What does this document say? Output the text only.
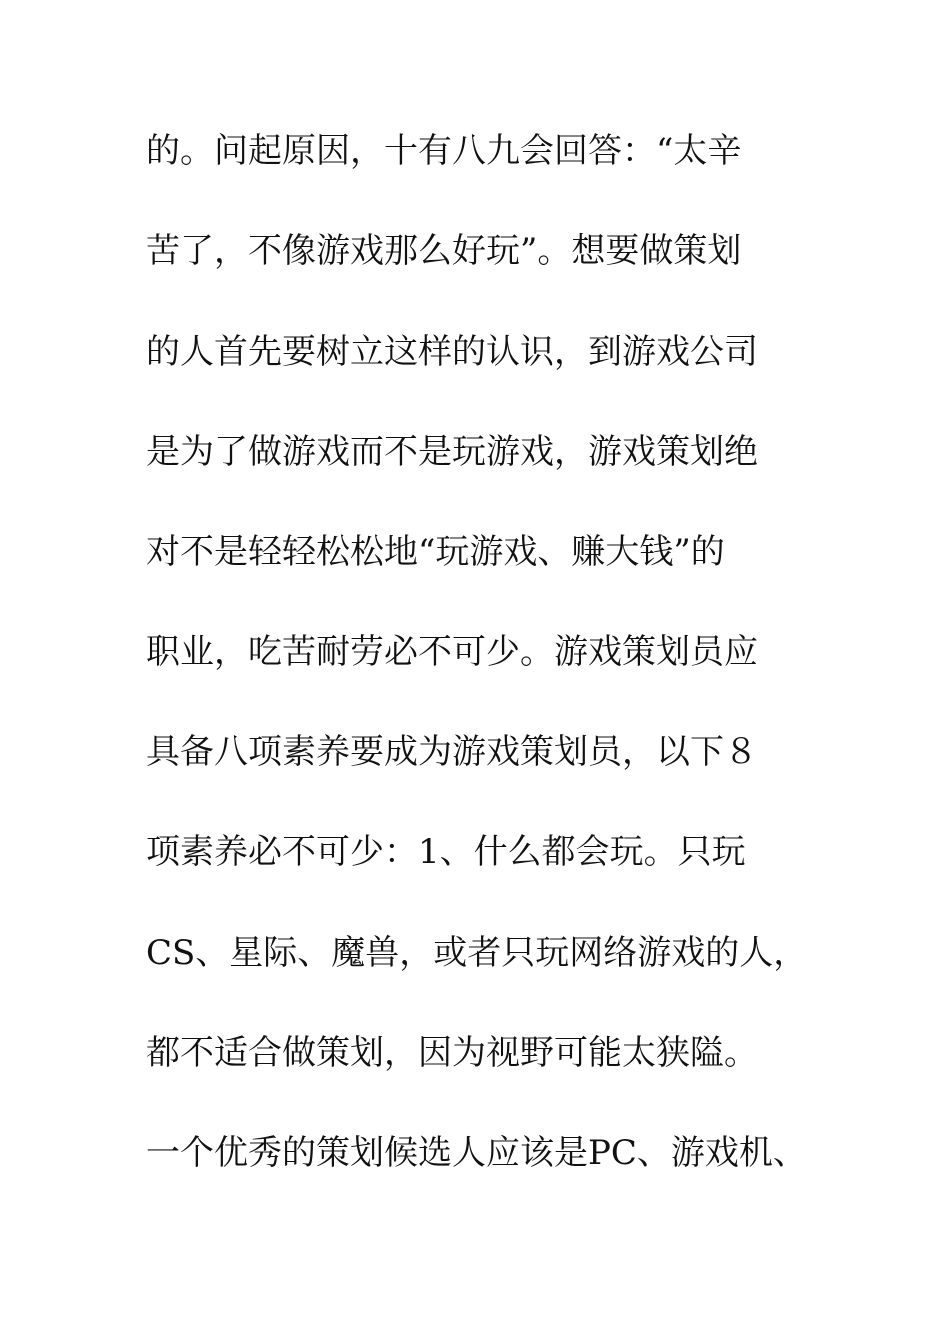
的。问起原因，十有八九会回答：“太辛
苦了，不像游戏那么好玩”。想要做策划
的人首先要树立这样的认识，到游戏公司
是为了做游戏而不是玩游戏，游戏策划绝
对不是轻轻松松地“玩游戏、赚大钱”的
职业，吃苦耐劳必不可少。游戏策划员应
具备八项素养要成为游戏策划员，以下８
项素养必不可少：1、什么都会玩。只玩
CS、星际、魔兽，或者只玩网络游戏的人，
都不适合做策划，因为视野可能太狭隘。
一个优秀的策划候选人应该是PC、游戏机、
